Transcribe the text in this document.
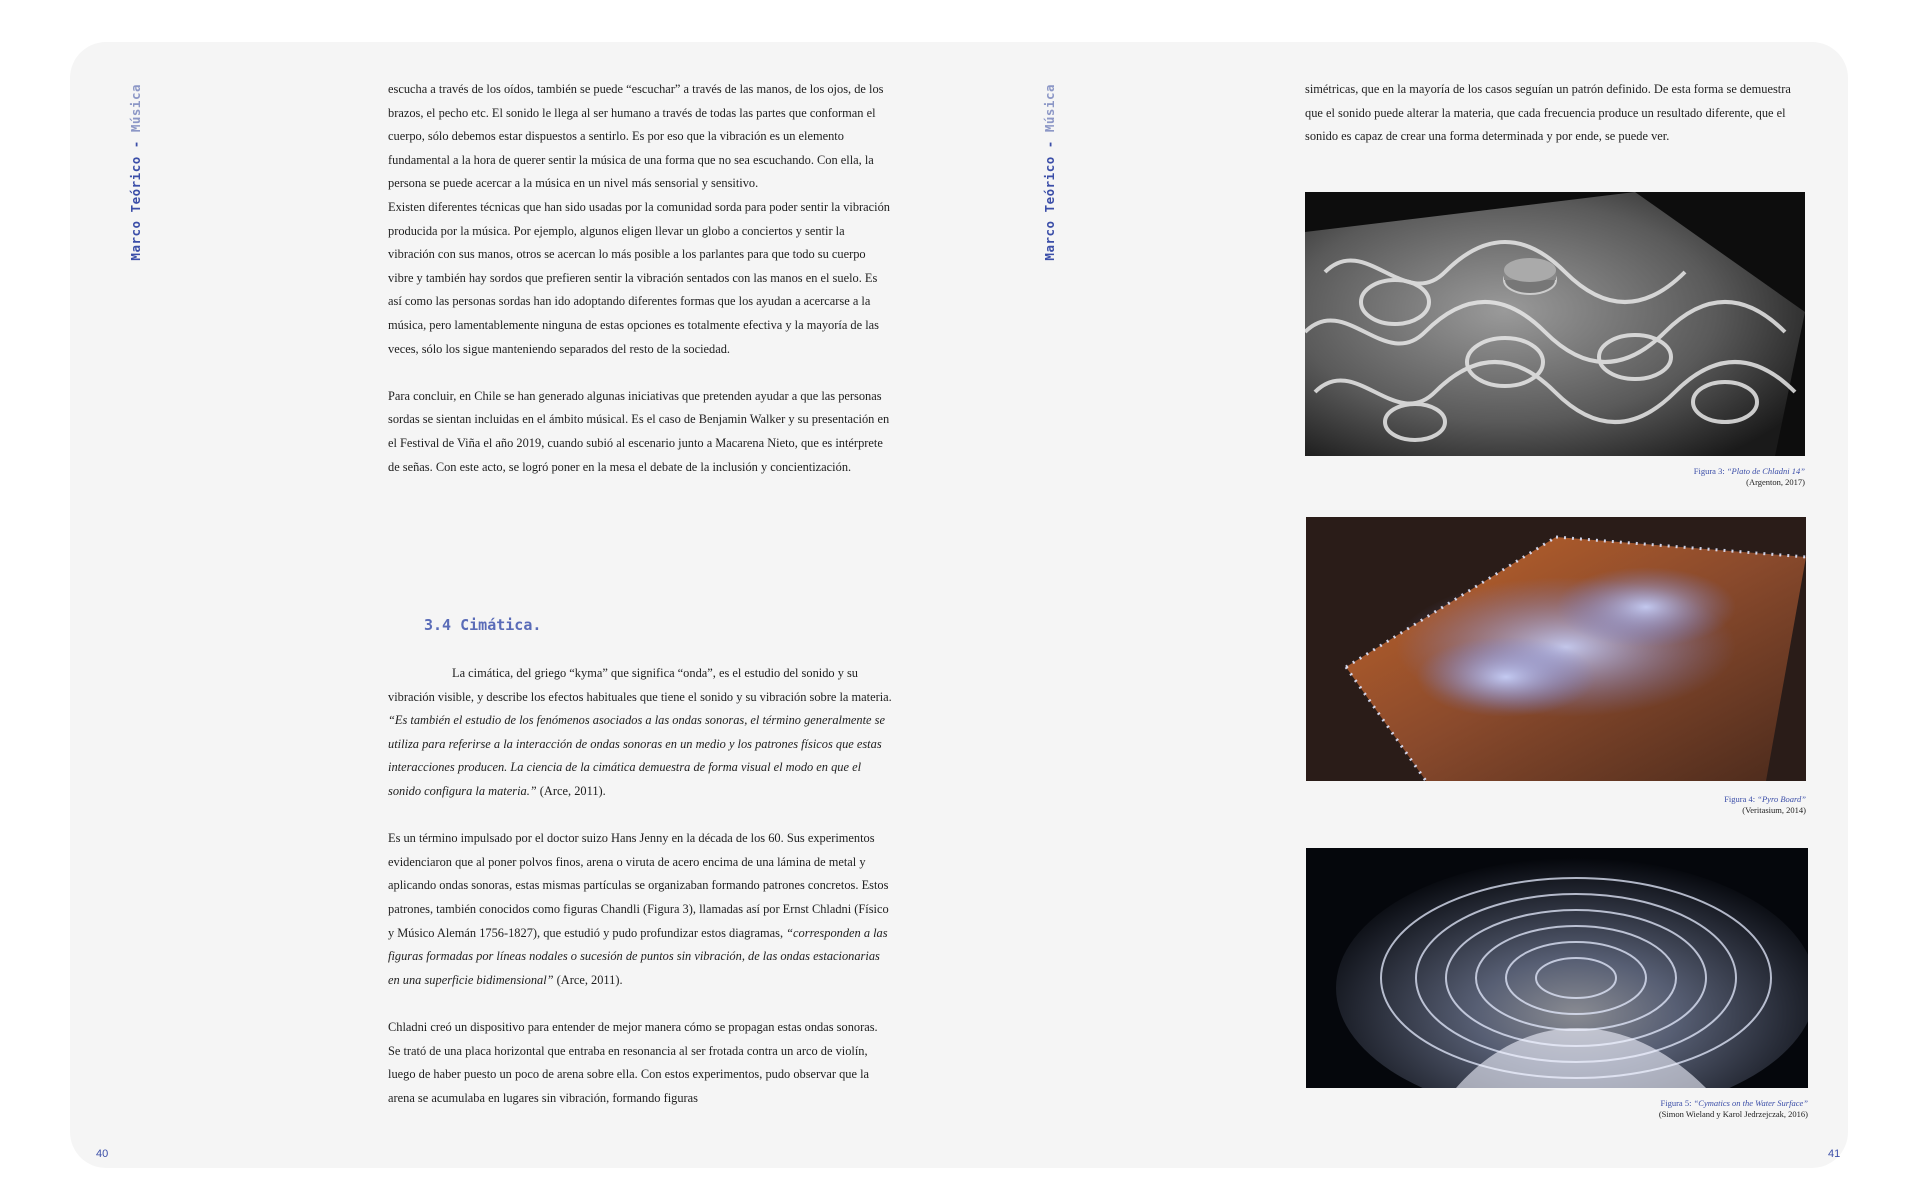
Marco Teórico - Música	escucha a través de los oídos, también se puede “escuchar” a través de las manos, de los ojos, de los brazos, el pecho etc. El sonido le llega al ser humano a través de todas las partes que conforman el cuerpo, sólo debemos estar dispuestos a sentirlo. Es por eso que la vibración es un elemento fundamental a la hora de querer sentir la música de una forma que no sea escuchando. Con ella, la persona se puede acercar a la música en un nivel más sensorial y sensitivo.

Existen diferentes técnicas que han sido usadas por la comunidad sorda para poder sentir la vibración producida por la música. Por ejemplo, algunos eligen llevar un globo a conciertos y sentir la vibración con sus manos, otros se acercan lo más posible a los parlantes para que todo su cuerpo vibre y también hay sordos que prefieren sentir la vibración sentados con las manos en el suelo. Es así como las personas sordas han ido adoptando diferentes formas que los ayudan a acercarse a la música, pero lamentablemente ninguna de estas opciones es totalmente efectiva y la mayoría de las veces, sólo los sigue manteniendo separados del resto de la sociedad.

Para concluir, en Chile se han generado algunas iniciativas que pretenden ayudar a que las personas sordas se sientan incluidas en el ámbito músical. Es el caso de Benjamin Walker y su presentación en el Festival de Viña el año 2019, cuando subió al escenario junto a Macarena Nieto, que es intérprete de señas. Con este acto, se logró poner en la mesa el debate de la inclusión y concientización.

3.4 Cimática.

La cimática, del griego “kyma” que significa “onda”, es el estudio del sonido y su vibración visible, y describe los efectos habituales que tiene el sonido y su vibración sobre la materia. “Es también el estudio de los fenómenos asociados a las ondas sonoras, el término generalmente se utiliza para referirse a la interacción de ondas sonoras en un medio y los patrones físicos que estas interacciones producen. La ciencia de la cimática demuestra de forma visual el modo en que el sonido configura la materia.” (Arce, 2011).

Es un término impulsado por el doctor suizo Hans Jenny en la década de los 60. Sus experimentos evidenciaron que al poner polvos finos, arena o viruta de acero encima de una lámina de metal y aplicando ondas sonoras, estas mismas partículas se organizaban formando patrones concretos. Estos patrones, también conocidos como figuras Chandli (Figura 3), llamadas así por Ernst Chladni (Físico y Músico Alemán 1756-1827), que estudió y pudo profundizar estos diagramas, “corresponden a las figuras formadas por líneas nodales o sucesión de puntos sin vibración, de las ondas estacionarias en una superficie bidimensional” (Arce, 2011).

Chladni creó un dispositivo para entender de mejor manera cómo se propagan estas ondas sonoras. Se trató de una placa horizontal que entraba en resonancia al ser frotada contra un arco de violín, luego de haber puesto un poco de arena sobre ella. Con estos experimentos, pudo observar que la arena se acumulaba en lugares sin vibración, formando figuras

40
Marco Teórico - Música	simétricas, que en la mayoría de los casos seguían un patrón definido. De esta forma se demuestra que el sonido puede alterar la materia, que cada frecuencia produce un resultado diferente, que el sonido es capaz de crear una forma determinada y por ende, se puede ver.

Figura 3: “Plato de Chladni 14”
(Argenton, 2017)
Figura 4: “Pyro Board”
(Veritasium, 2014)
Figura 5: “Cymatics on the Water Surface”
(Simon Wieland y Karol Jedrzejczak, 2016)
41
